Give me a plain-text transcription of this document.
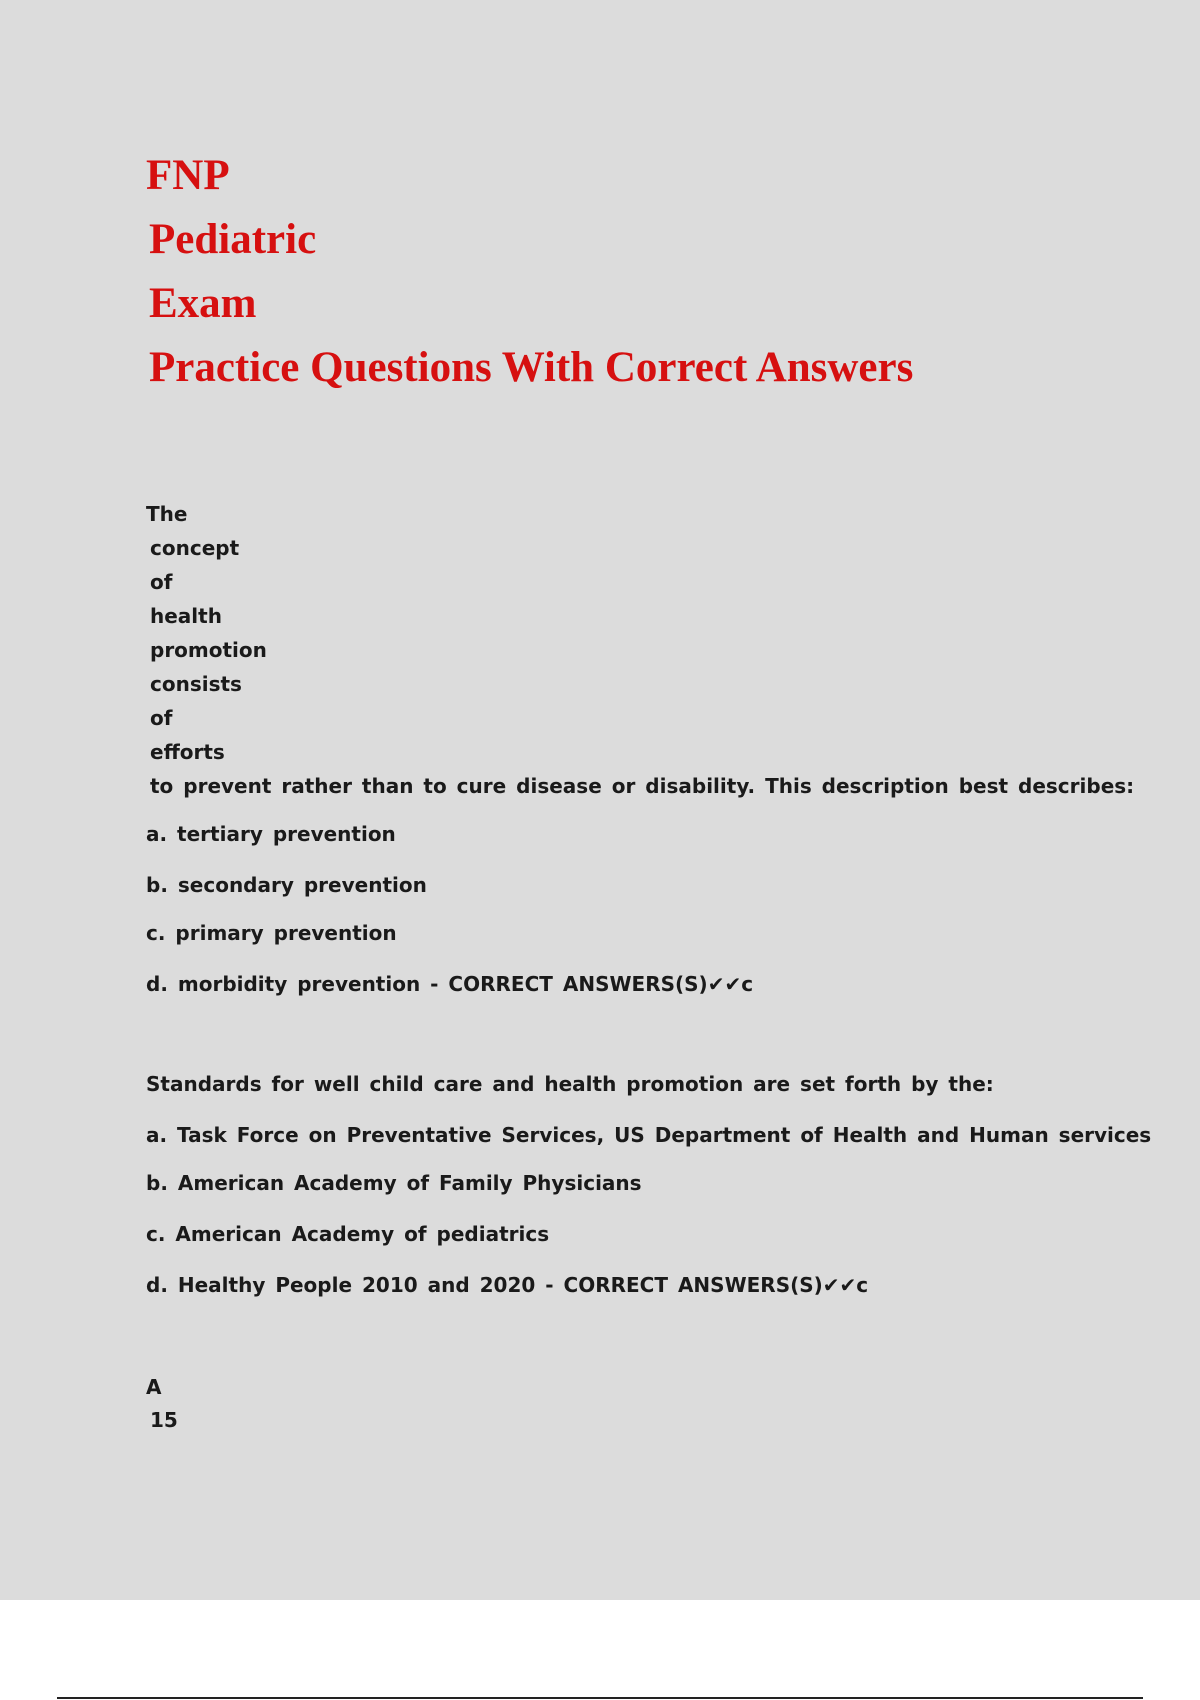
FNP
Pediatric
Exam
Practice Questions With Correct Answers
The
concept
of
health
promotion
consists
of
efforts
to prevent rather than to cure disease or disability. This description best describes:
a. tertiary prevention
b. secondary prevention
c. primary prevention
d. morbidity prevention - CORRECT ANSWERS(S)✔✔c
Standards for well child care and health promotion are set forth by the:
a. Task Force on Preventative Services, US Department of Health and Human services
b. American Academy of Family Physicians
c. American Academy of pediatrics
d. Healthy People 2010 and 2020 - CORRECT ANSWERS(S)✔✔c
A
15
